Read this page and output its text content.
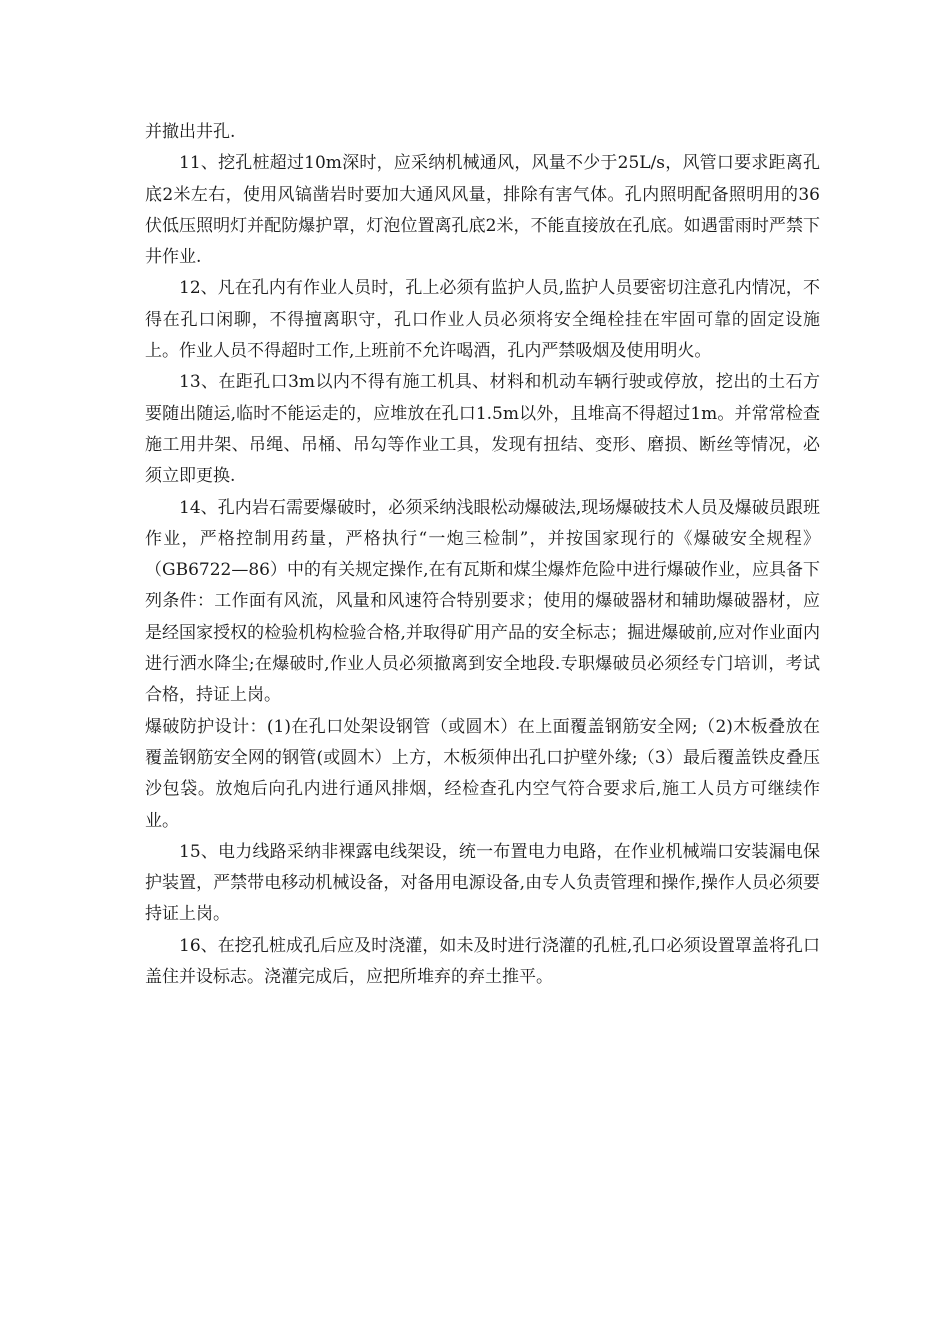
并撤出井孔.

11、挖孔桩超过10m深时，应采纳机械通风，风量不少于25L/s，风管口要求距离孔底2米左右，使用风镐凿岩时要加大通风风量，排除有害气体。孔内照明配备照明用的36伏低压照明灯并配防爆护罩，灯泡位置离孔底2米，不能直接放在孔底。如遇雷雨时严禁下井作业.

12、凡在孔内有作业人员时，孔上必须有监护人员,监护人员要密切注意孔内情况，不得在孔口闲聊，不得擅离职守，孔口作业人员必须将安全绳栓挂在牢固可靠的固定设施上。作业人员不得超时工作,上班前不允许喝酒，孔内严禁吸烟及使用明火。

13、在距孔口3m以内不得有施工机具、材料和机动车辆行驶或停放，挖出的土石方要随出随运,临时不能运走的，应堆放在孔口1.5m以外，且堆高不得超过1m。并常常检查施工用井架、吊绳、吊桶、吊勾等作业工具，发现有扭结、变形、磨损、断丝等情况，必须立即更换.

14、孔内岩石需要爆破时，必须采纳浅眼松动爆破法,现场爆破技术人员及爆破员跟班作业，严格控制用药量，严格执行“一炮三检制”，并按国家现行的《爆破安全规程》（GB6722—86）中的有关规定操作,在有瓦斯和煤尘爆炸危险中进行爆破作业，应具备下列条件：工作面有风流，风量和风速符合特别要求；使用的爆破器材和辅助爆破器材，应是经国家授权的检验机构检验合格,并取得矿用产品的安全标志；掘进爆破前,应对作业面内进行洒水降尘;在爆破时,作业人员必须撤离到安全地段.专职爆破员必须经专门培训，考试合格，持证上岗。

爆破防护设计：(1)在孔口处架设钢管（或圆木）在上面覆盖钢筋安全网;（2)木板叠放在覆盖钢筋安全网的钢管(或圆木）上方，木板须伸出孔口护壁外缘;（3）最后覆盖铁皮叠压沙包袋。放炮后向孔内进行通风排烟，经检查孔内空气符合要求后,施工人员方可继续作业。

15、电力线路采纳非裸露电线架设，统一布置电力电路，在作业机械端口安装漏电保护装置，严禁带电移动机械设备，对备用电源设备,由专人负责管理和操作,操作人员必须要持证上岗。

16、在挖孔桩成孔后应及时浇灌，如未及时进行浇灌的孔桩,孔口必须设置罩盖将孔口盖住并设标志。浇灌完成后，应把所堆弃的弃土推平。
